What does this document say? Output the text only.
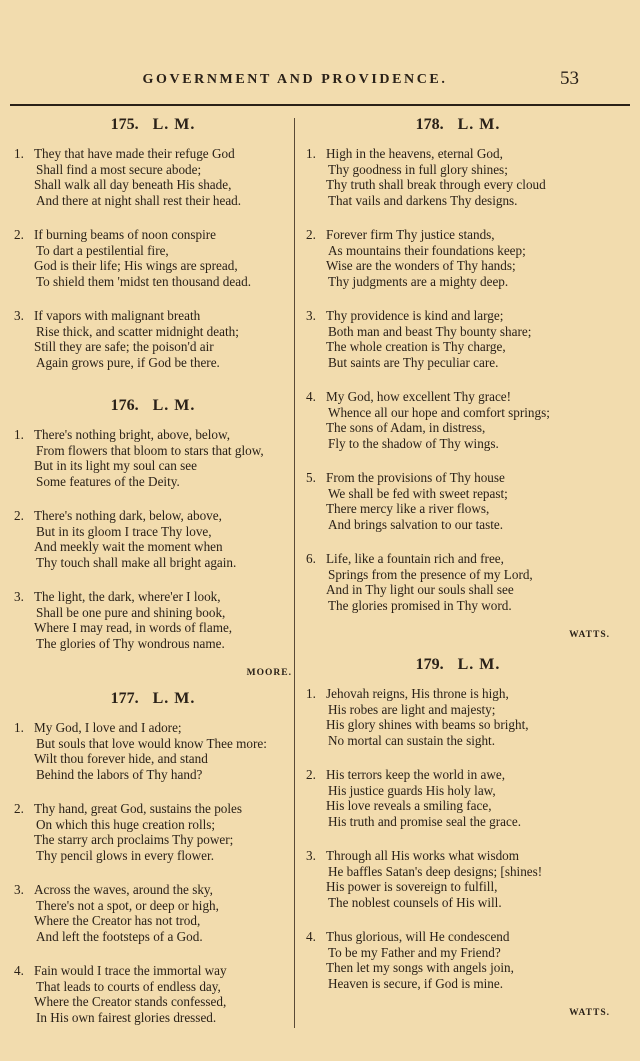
GOVERNMENT AND PROVIDENCE.	53
175. L. M.
1. They that have made their refuge God
Shall find a most secure abode;
Shall walk all day beneath His shade,
And there at night shall rest their head.
2. If burning beams of noon conspire
To dart a pestilential fire,
God is their life; His wings are spread,
To shield them 'midst ten thousand dead.
3. If vapors with malignant breath
Rise thick, and scatter midnight death;
Still they are safe; the poison'd air
Again grows pure, if God be there.
176. L. M.
1. There's nothing bright, above, below,
From flowers that bloom to stars that glow,
But in its light my soul can see
Some features of the Deity.
2. There's nothing dark, below, above,
But in its gloom I trace Thy love,
And meekly wait the moment when
Thy touch shall make all bright again.
3. The light, the dark, where'er I look,
Shall be one pure and shining book,
Where I may read, in words of flame,
The glories of Thy wondrous name.
MOORE.
177. L. M.
1. My God, I love and I adore;
But souls that love would know Thee more:
Wilt thou forever hide, and stand
Behind the labors of Thy hand?
2. Thy hand, great God, sustains the poles
On which this huge creation rolls;
The starry arch proclaims Thy power;
Thy pencil glows in every flower.
3. Across the waves, around the sky,
There's not a spot, or deep or high,
Where the Creator has not trod,
And left the footsteps of a God.
4. Fain would I trace the immortal way
That leads to courts of endless day,
Where the Creator stands confessed,
In His own fairest glories dressed.
178. L. M.
1. High in the heavens, eternal God,
Thy goodness in full glory shines;
Thy truth shall break through every cloud
That vails and darkens Thy designs.
2. Forever firm Thy justice stands,
As mountains their foundations keep;
Wise are the wonders of Thy hands;
Thy judgments are a mighty deep.
3. Thy providence is kind and large;
Both man and beast Thy bounty share;
The whole creation is Thy charge,
But saints are Thy peculiar care.
4. My God, how excellent Thy grace!
Whence all our hope and comfort springs;
The sons of Adam, in distress,
Fly to the shadow of Thy wings.
5. From the provisions of Thy house
We shall be fed with sweet repast;
There mercy like a river flows,
And brings salvation to our taste.
6. Life, like a fountain rich and free,
Springs from the presence of my Lord,
And in Thy light our souls shall see
The glories promised in Thy word.
WATTS.
179. L. M.
1. Jehovah reigns, His throne is high,
His robes are light and majesty;
His glory shines with beams so bright,
No mortal can sustain the sight.
2. His terrors keep the world in awe,
His justice guards His holy law,
His love reveals a smiling face,
His truth and promise seal the grace.
3. Through all His works what wisdom
He baffles Satan's deep designs; [shines!
His power is sovereign to fulfill,
The noblest counsels of His will.
4. Thus glorious, will He condescend
To be my Father and my Friend?
Then let my songs with angels join,
Heaven is secure, if God is mine.
WATTS.
